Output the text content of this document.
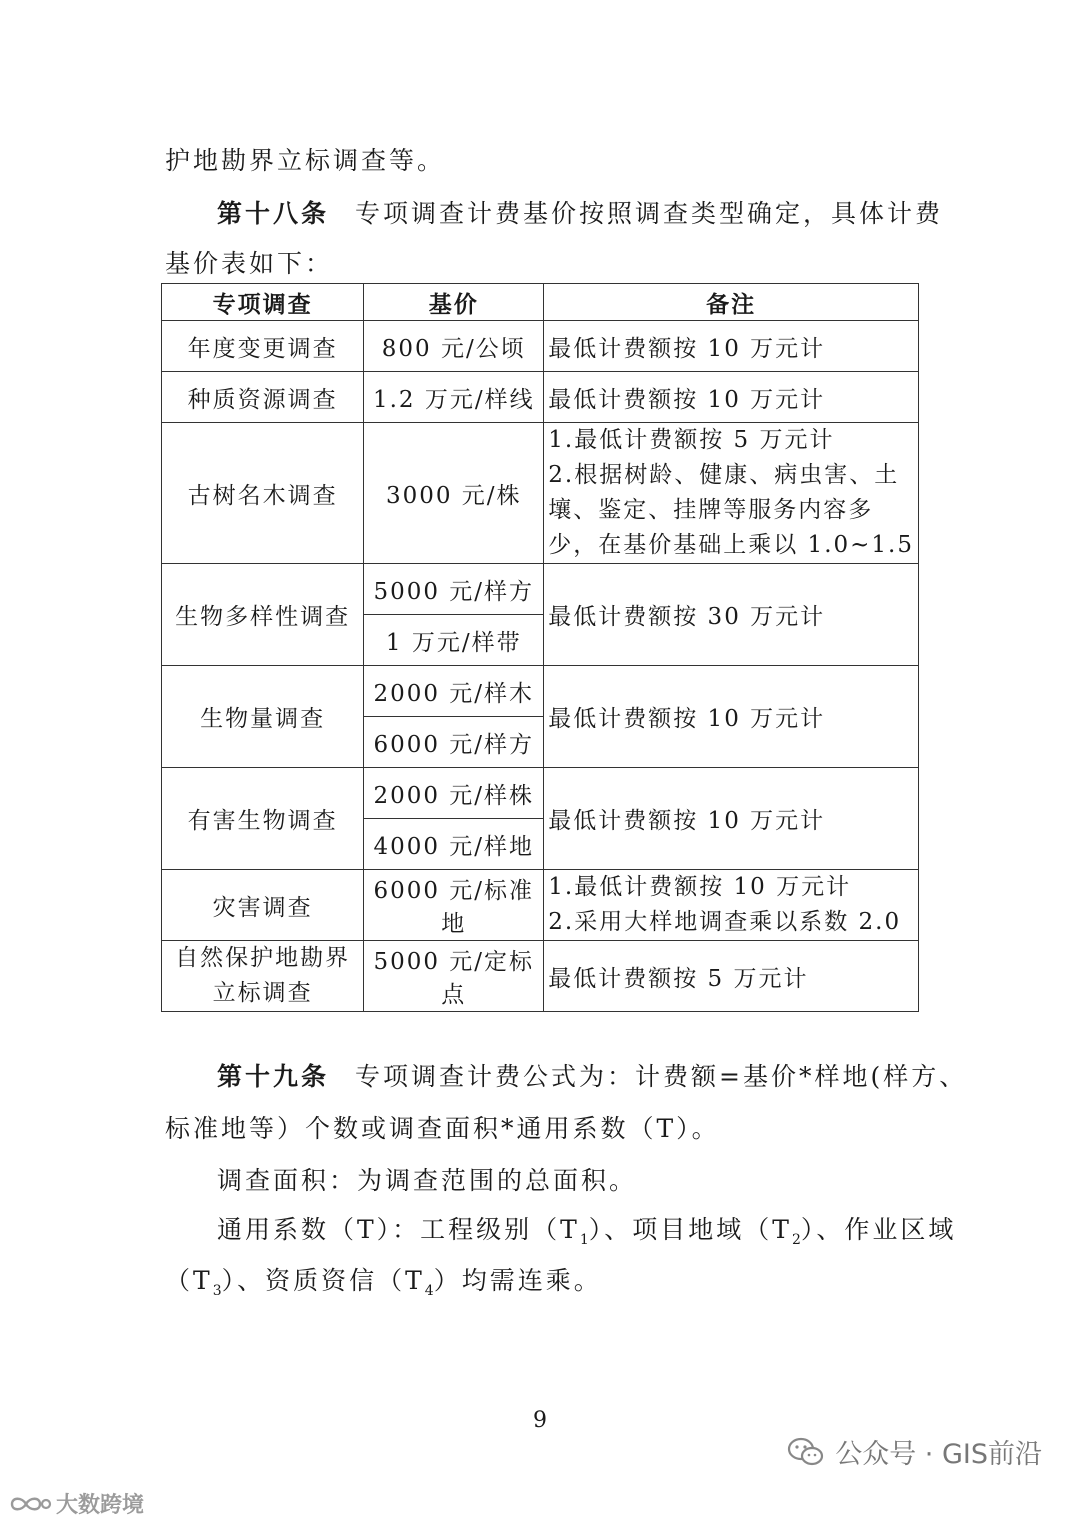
护地勘界立标调查等。

第十八条 专项调查计费基价按照调查类型确定，具体计费

基价表如下：

专项调查	基价	备注
年度变更调查	800 元/公顷	最低计费额按 10 万元计
种质资源调查	1.2 万元/样线	最低计费额按 10 万元计
古树名木调查	3000 元/株	1.最低计费额按 5 万元计
2.根据树龄、健康、病虫害、土
壤、鉴定、挂牌等服务内容多
少，在基价基础上乘以 1.0~1.5

生物多样性调查	5000 元/样方	最低计费额按 30 万元计
	1 万元/样带	
生物量调查	2000 元/样木	最低计费额按 10 万元计
	6000 元/样方	
有害生物调查	2000 元/样株	最低计费额按 10 万元计
	4000 元/样地	
灾害调查	6000 元/标准地	1.最低计费额按 10 万元计
2.采用大样地调查乘以系数 2.0

自然保护地勘界
立标调查	5000 元/定标点	最低计费额按 5 万元计

第十九条 专项调查计费公式为：计费额=基价*样地(样方、

标准地等）个数或调查面积*通用系数（T）。

调查面积：为调查范围的总面积。

通用系数（T）：工程级别$(T_1)$、项目地域$(T_2)$、作业区域

$(T_3)$、资质资信$(T_4)$均需连乘。

9
公众号 · GIS前沿
大数跨境
